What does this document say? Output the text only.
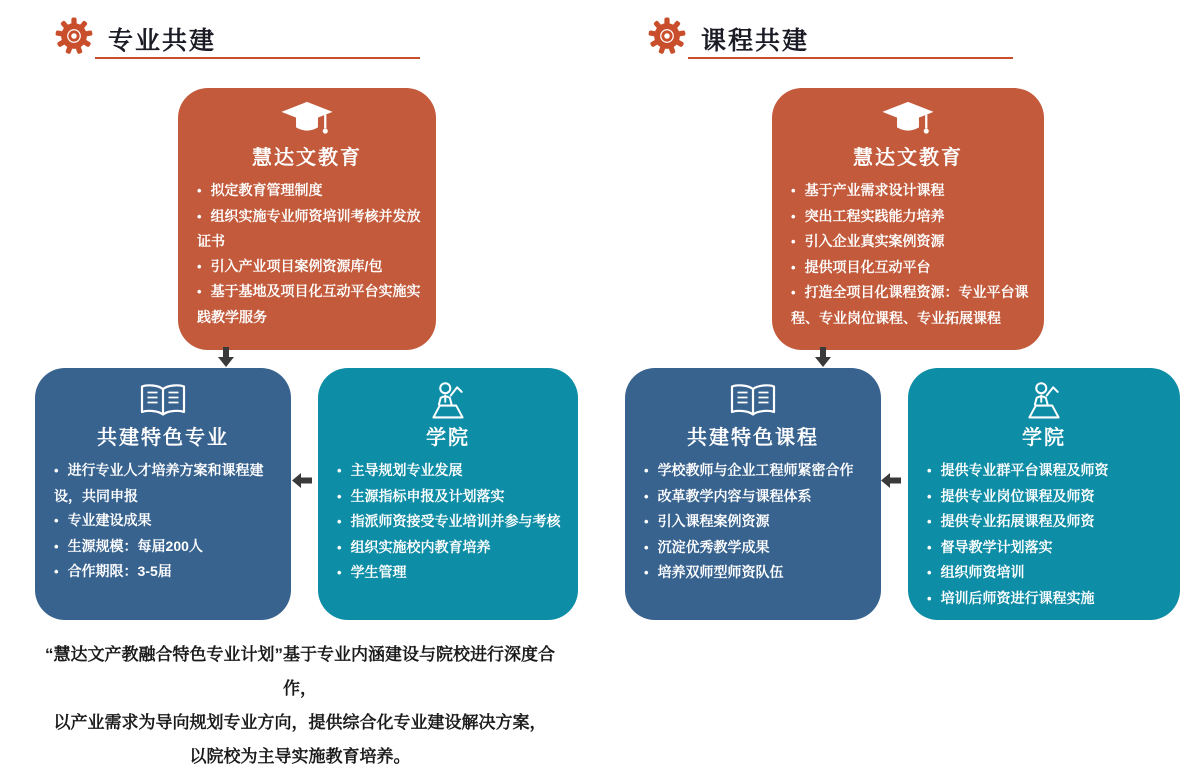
专业共建
慧达文教育
• 拟定教育管理制度
• 组织实施专业师资培训考核并发放证书
• 引入产业项目案例资源库/包
• 基于基地及项目化互动平台实施实践教学服务
共建特色专业
• 进行专业人才培养方案和课程建设，共同申报
• 专业建设成果
• 生源规模：每届200人
• 合作期限：3-5届
学院
• 主导规划专业发展
• 生源指标申报及计划落实
• 指派师资接受专业培训并参与考核
• 组织实施校内教育培养
• 学生管理
“慧达文产教融合特色专业计划”基于专业内涵建设与院校进行深度合作，
以产业需求为导向规划专业方向，提供综合化专业建设解决方案，
以院校为主导实施教育培养。
课程共建
慧达文教育
• 基于产业需求设计课程
• 突出工程实践能力培养
• 引入企业真实案例资源
• 提供项目化互动平台
• 打造全项目化课程资源：专业平台课程、专业岗位课程、专业拓展课程
共建特色课程
• 学校教师与企业工程师紧密合作
• 改革教学内容与课程体系
• 引入课程案例资源
• 沉淀优秀教学成果
• 培养双师型师资队伍
学院
• 提供专业群平台课程及师资
• 提供专业岗位课程及师资
• 提供专业拓展课程及师资
• 督导教学计划落实
• 组织师资培训
• 培训后师资进行课程实施
